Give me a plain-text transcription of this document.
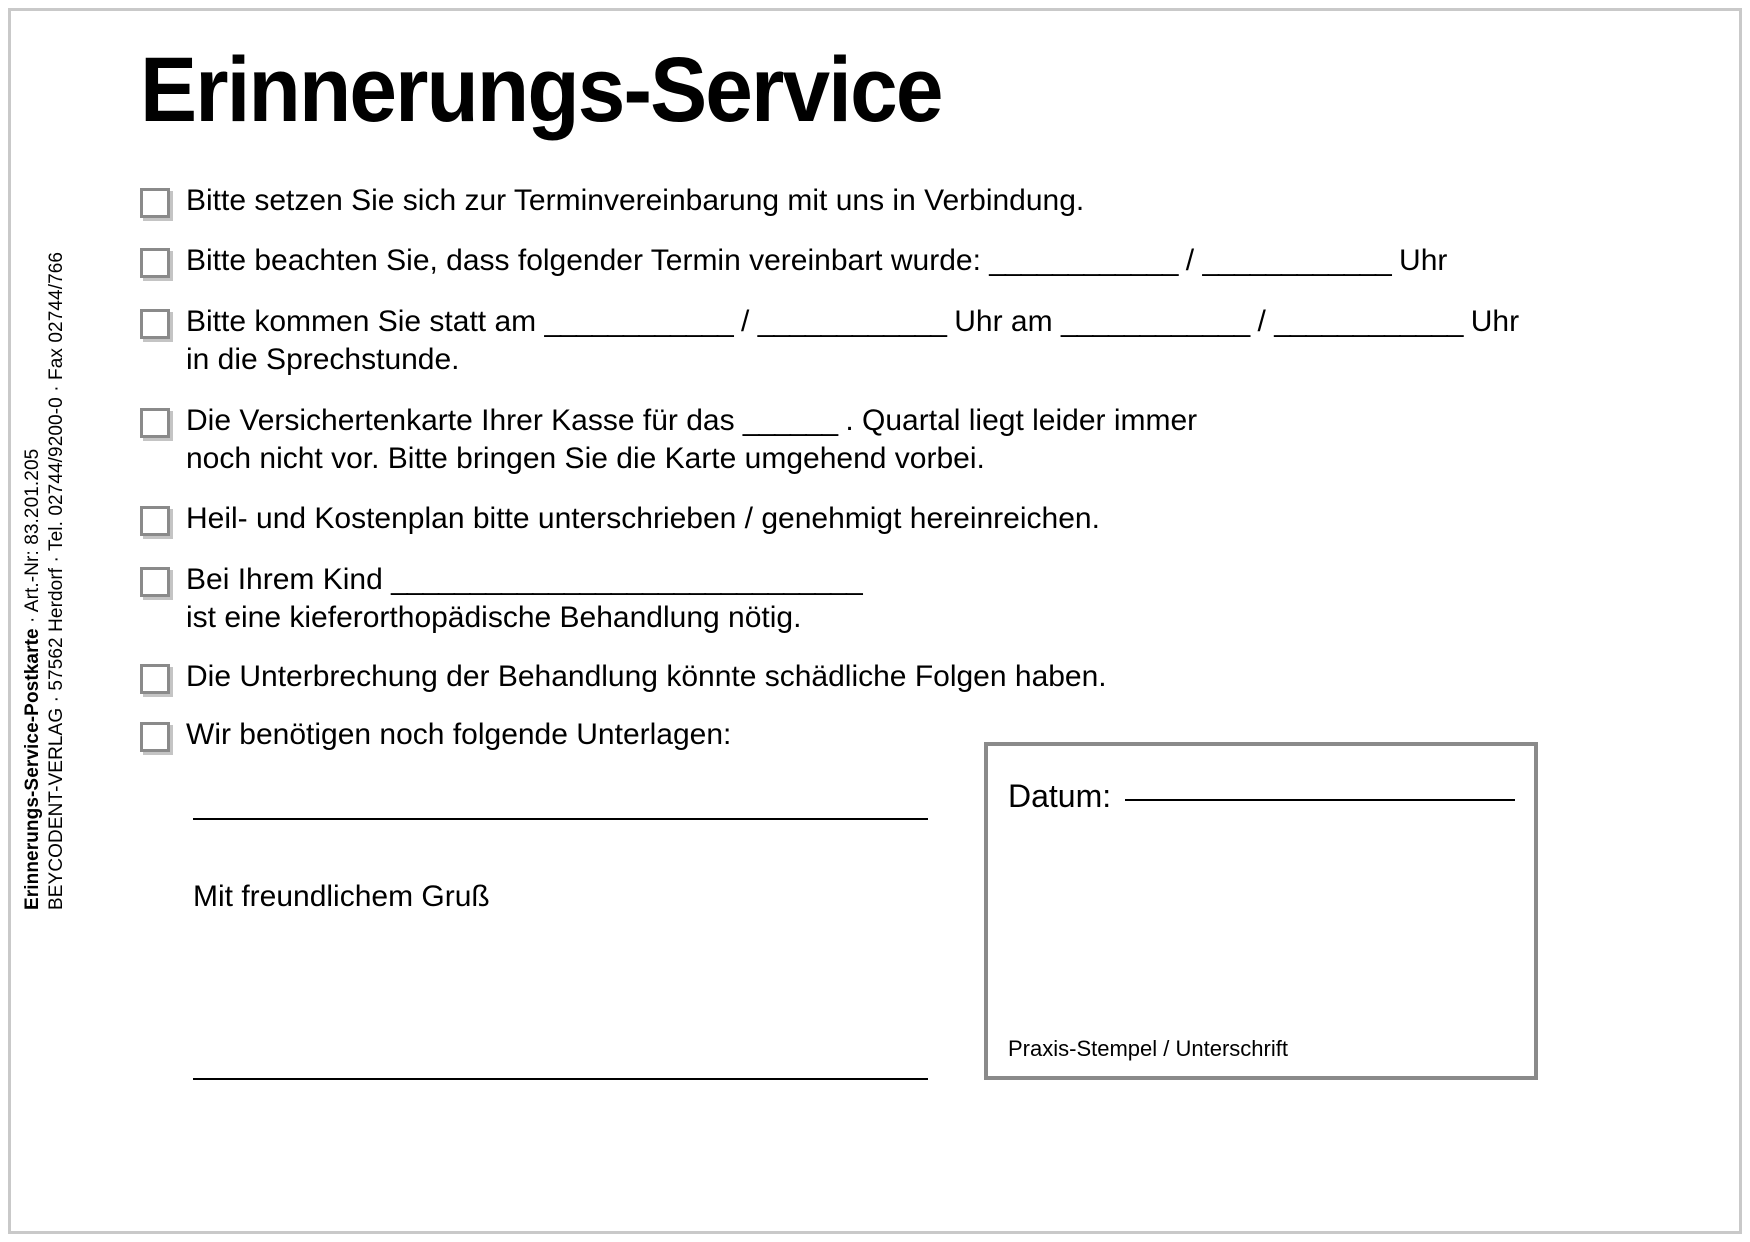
Erinnerungs-Service-Postkarte · Art.-Nr: 83.201.205 BEYCODENT-VERLAG · 57562 Herdorf · Tel. 02744/9200-0 · Fax 02744/766
Erinnerungs-Service
Bitte setzen Sie sich zur Terminvereinbarung mit uns in Verbindung.
Bitte beachten Sie, dass folgender Termin vereinbart wurde: ____________ / ____________ Uhr
Bitte kommen Sie statt am ____________ / ____________ Uhr am ____________ / ____________ Uhr
in die Sprechstunde.
Die Versichertenkarte Ihrer Kasse für das ______ . Quartal liegt leider immer
noch nicht vor. Bitte bringen Sie die Karte umgehend vorbei.
Heil- und Kostenplan bitte unterschrieben / genehmigt hereinreichen.
Bei Ihrem Kind ______________________________
ist eine kieferorthopädische Behandlung nötig.
Die Unterbrechung der Behandlung könnte schädliche Folgen haben.
Wir benötigen noch folgende Unterlagen:
Mit freundlichem Gruß
Datum:
Praxis-Stempel / Unterschrift
